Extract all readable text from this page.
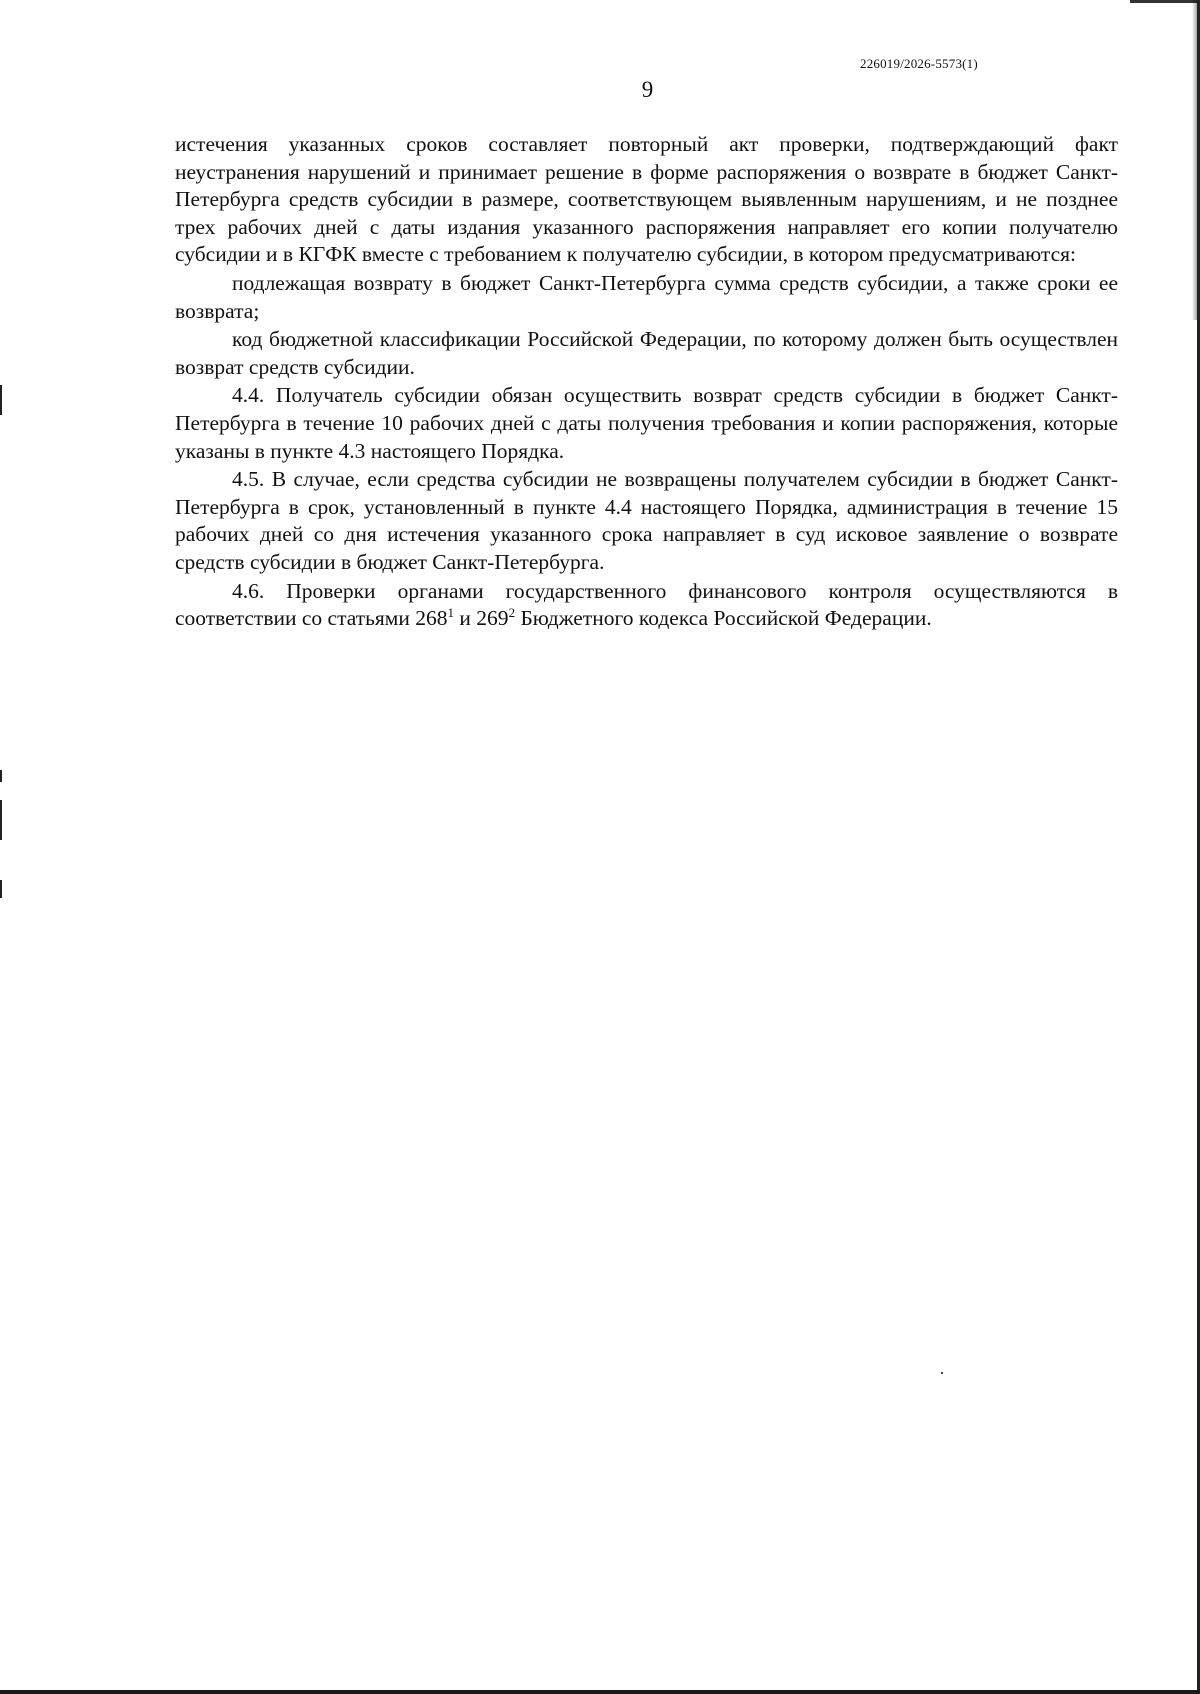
226019/2026-5573(1)
9

истечения указанных сроков составляет повторный акт проверки, подтверждающий факт неустранения нарушений и принимает решение в форме распоряжения о возврате в бюджет Санкт-Петербурга средств субсидии в размере, соответствующем выявленным нарушениям, и не позднее трех рабочих дней с даты издания указанного распоряжения направляет его копии получателю субсидии и в КГФК вместе с требованием к получателю субсидии, в котором предусматриваются:

подлежащая возврату в бюджет Санкт-Петербурга сумма средств субсидии, а также сроки ее возврата;

код бюджетной классификации Российской Федерации, по которому должен быть осуществлен возврат средств субсидии.

4.4. Получатель субсидии обязан осуществить возврат средств субсидии в бюджет Санкт-Петербурга в течение 10 рабочих дней с даты получения требования и копии распоряжения, которые указаны в пункте 4.3 настоящего Порядка.

4.5. В случае, если средства субсидии не возвращены получателем субсидии в бюджет Санкт-Петербурга в срок, установленный в пункте 4.4 настоящего Порядка, администрация в течение 15 рабочих дней со дня истечения указанного срока направляет в суд исковое заявление о возврате средств субсидии в бюджет Санкт-Петербурга.

4.6. Проверки органами государственного финансового контроля осуществляются в соответствии со статьями $268^1$ и $269^2$ Бюджетного кодекса Российской Федерации.
